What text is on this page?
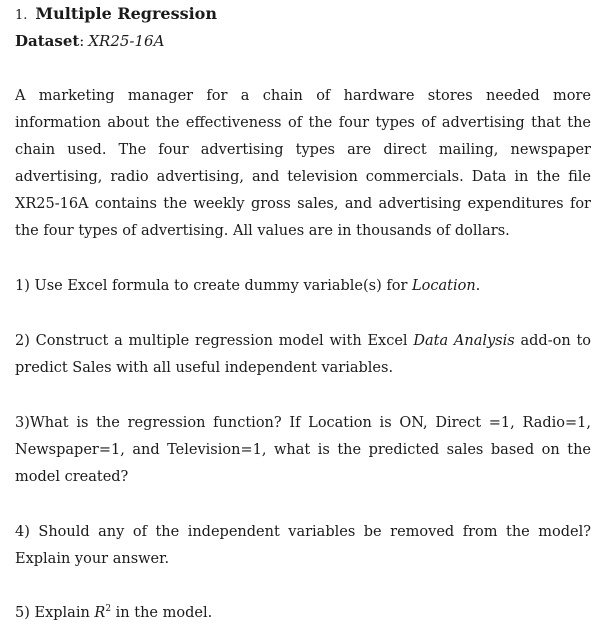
1. Multiple Regression
Dataset: XR25-16A
A marketing manager for a chain of hardware stores needed more information about the effectiveness of the four types of advertising that the chain used. The four advertising types are direct mailing, newspaper advertising, radio advertising, and television commercials. Data in the file XR25-16A contains the weekly gross sales, and advertising expenditures for the four types of advertising. All values are in thousands of dollars.
1) Use Excel formula to create dummy variable(s) for Location.
2) Construct a multiple regression model with Excel Data Analysis add-on to predict Sales with all useful independent variables.
3)What is the regression function? If Location is ON, Direct =1, Radio=1, Newspaper=1, and Television=1, what is the predicted sales based on the model created?
4) Should any of the independent variables be removed from the model? Explain your answer.
5) Explain $R^2$ in the model.
